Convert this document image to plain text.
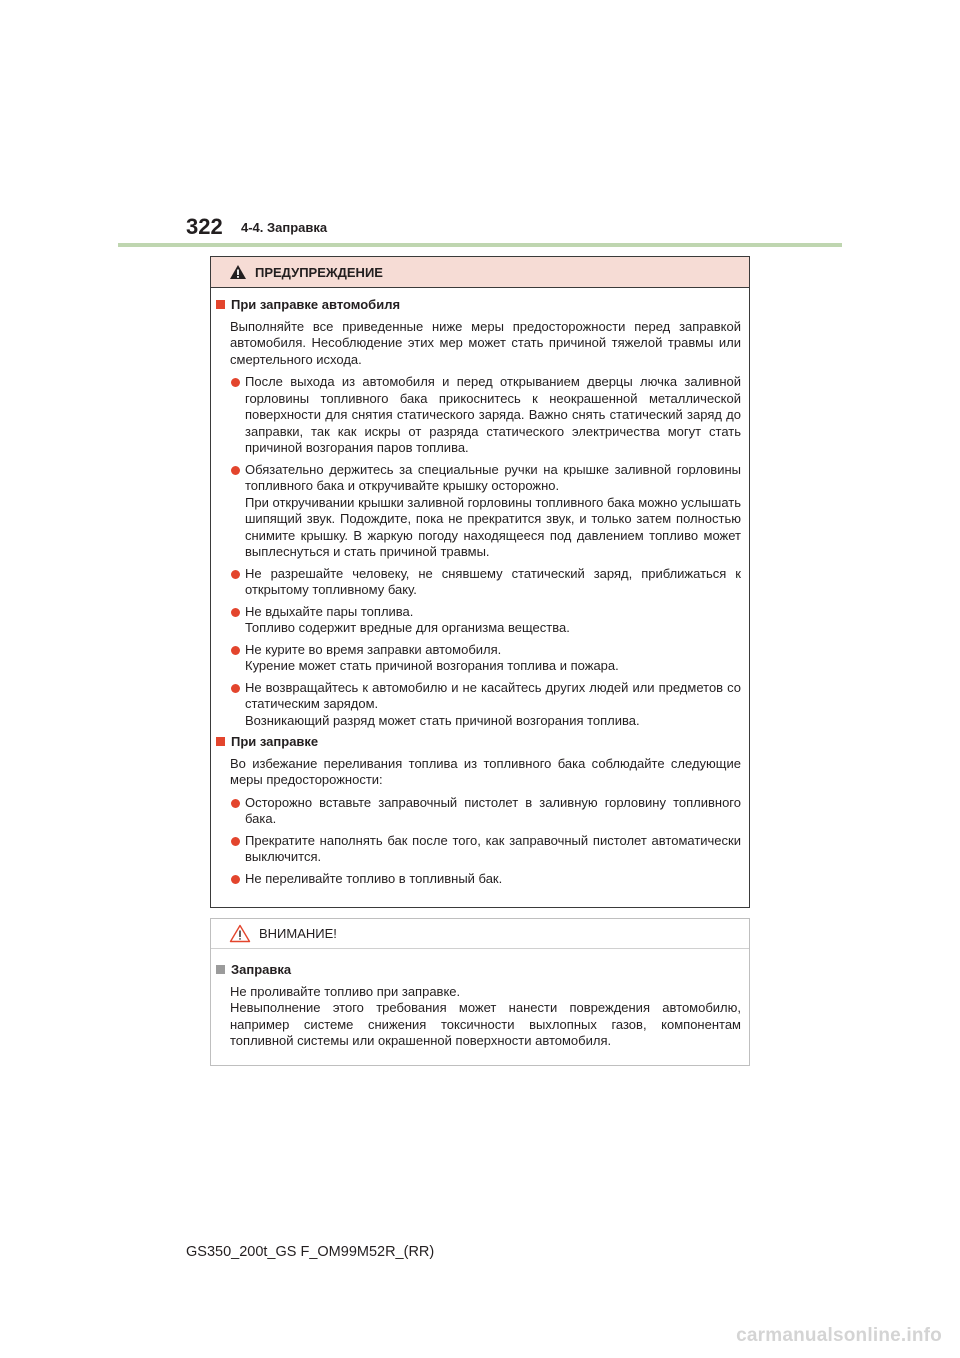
322 4-4. Заправка
ПРЕДУПРЕЖДЕНИЕ
При заправке автомобиля
Выполняйте все приведенные ниже меры предосторожности перед заправкой автомобиля. Несоблюдение этих мер может стать причиной тяжелой травмы или смертельного исхода.
После выхода из автомобиля и перед открыванием дверцы лючка заливной горловины топливного бака прикоснитесь к неокрашенной металлической поверхности для снятия статического заряда. Важно снять статический заряд до заправки, так как искры от разряда статического электричества могут стать причиной возгорания паров топлива.
Обязательно держитесь за специальные ручки на крышке заливной горловины топливного бака и откручивайте крышку осторожно.
При откручивании крышки заливной горловины топливного бака можно услышать шипящий звук. Подождите, пока не прекратится звук, и только затем полностью снимите крышку. В жаркую погоду находящееся под давлением топливо может выплеснуться и стать причиной травмы.
Не разрешайте человеку, не снявшему статический заряд, приближаться к открытому топливному баку.
Не вдыхайте пары топлива.
Топливо содержит вредные для организма вещества.
Не курите во время заправки автомобиля.
Курение может стать причиной возгорания топлива и пожара.
Не возвращайтесь к автомобилю и не касайтесь других людей или предметов со статическим зарядом.
Возникающий разряд может стать причиной возгорания топлива.
При заправке
Во избежание переливания топлива из топливного бака соблюдайте следующие меры предосторожности:
Осторожно вставьте заправочный пистолет в заливную горловину топливного бака.
Прекратите наполнять бак после того, как заправочный пистолет автоматически выключится.
Не переливайте топливо в топливный бак.
ВНИМАНИЕ!
Заправка
Не проливайте топливо при заправке.
Невыполнение этого требования может нанести повреждения автомобилю, например системе снижения токсичности выхлопных газов, компонентам топливной системы или окрашенной поверхности автомобиля.
GS350_200t_GS F_OM99M52R_(RR)
carmanualsonline.info
